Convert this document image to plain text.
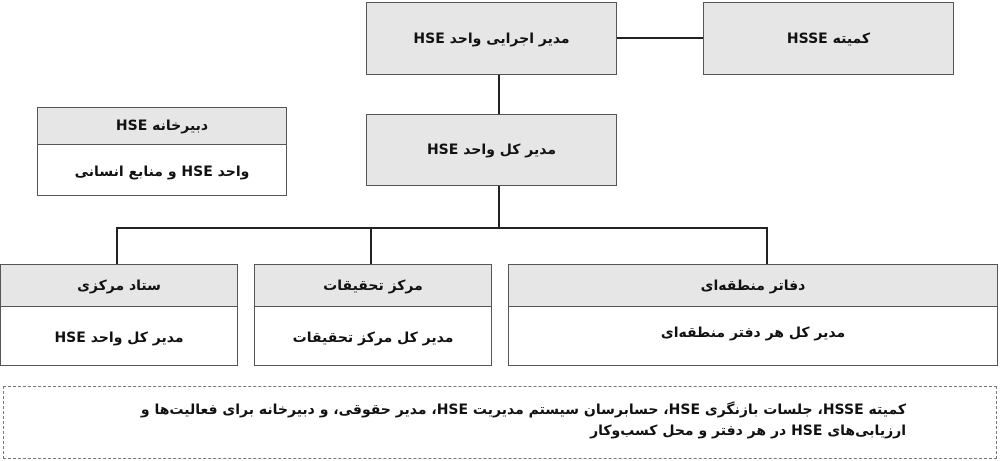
مدیر اجرایی واحد HSE	کمیته HSSE
دبیرخانه HSE
واحد HSE و منابع انسانی
مدیر کل واحد HSE
ستاد مرکزی
مدیر کل واحد HSE
مرکز تحقیقات
مدیر کل مرکز تحقیقات
دفاتر منطقه‌ای
مدیر کل هر دفتر منطقه‌ای
کمیته HSSE، جلسات بازنگری HSE، حسابرسان سیستم مدیریت HSE، مدیر حقوقی، و دبیرخانه برای فعالیت‌ها و
ارزیابی‌های HSE در هر دفتر و محل کسب‌وکار
